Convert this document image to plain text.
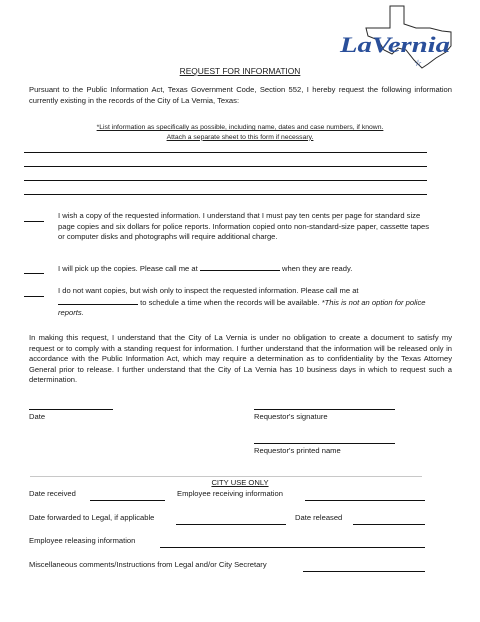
LaVernia
☆
REQUEST FOR INFORMATION
Pursuant to the Public Information Act, Texas Government Code, Section 552, I hereby request the following information currently existing in the records of the City of La Vernia, Texas:
*List information as specifically as possible, including name, dates and case numbers, if known.
Attach a separate sheet to this form if necessary.
I wish a copy of the requested information. I understand that I must pay ten cents per page for standard size page copies and six dollars for police reports. Information copied onto non-standard-size paper, cassette tapes or computer disks and photographs will require additional charge.
I will pick up the copies. Please call me at	when they are ready.
I do not want copies, but wish only to inspect the requested information. Please call me at  to schedule a time when the records will be available. *This is not an option for police reports.
In making this request, I understand that the City of La Vernia is under no obligation to create a document to satisfy my request or to comply with a standing request for information. I further understand that the information will be released only in accordance with the Public Information Act, which may require a determination as to confidentiality by the Texas Attorney General prior to release. I further understand that the City of La Vernia has 10 business days in which to request such a determination.
Date	Requestor's signature
Requestor's printed name
CITY USE ONLY
Date received	Employee receiving information
Date forwarded to Legal, if applicable	Date released
Employee releasing information
Miscellaneous comments/Instructions from Legal and/or City Secretary
